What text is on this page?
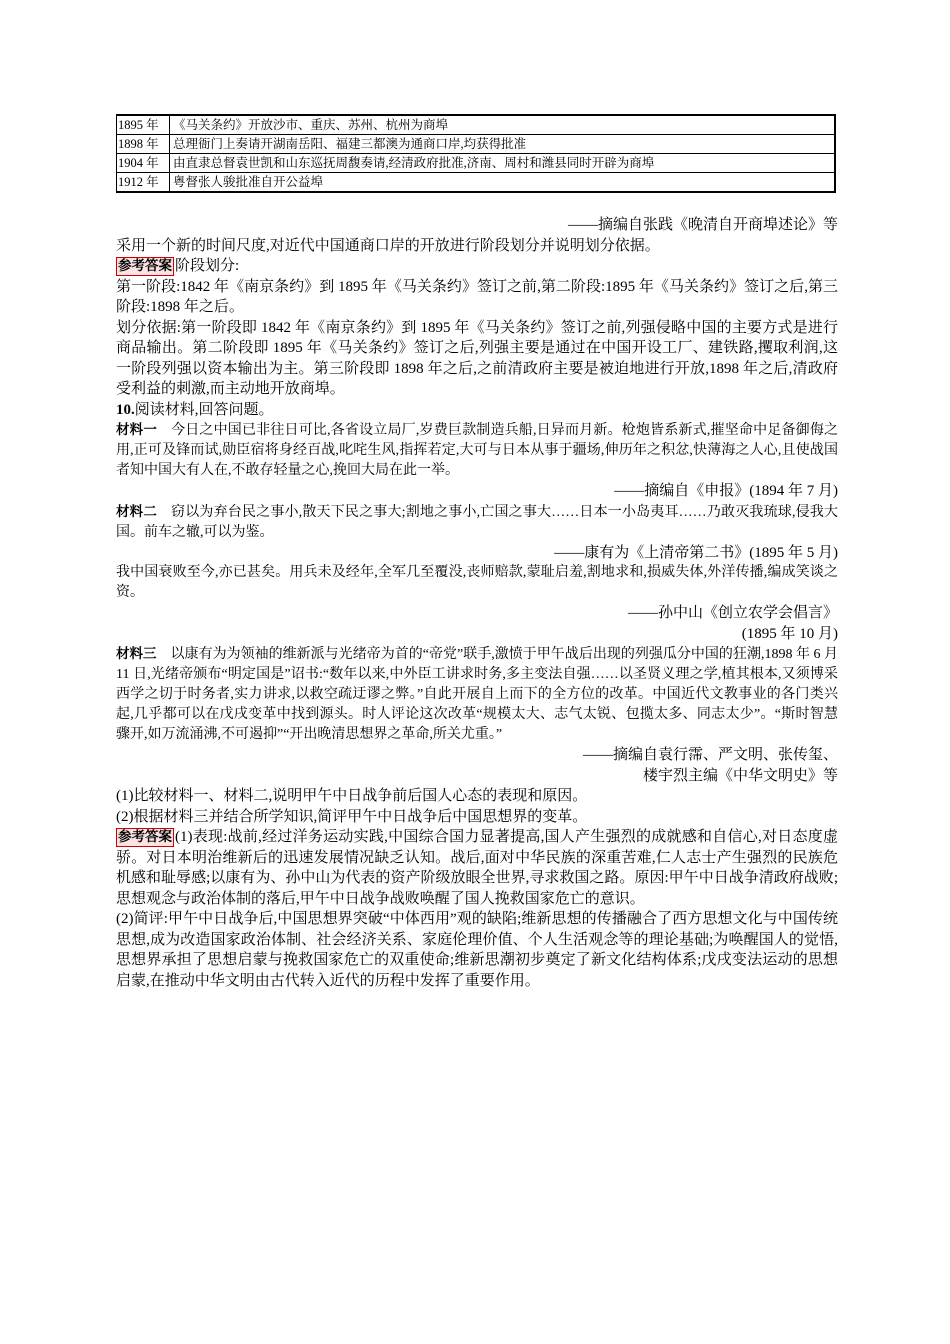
1895 年	《马关条约》开放沙市、重庆、苏州、杭州为商埠
1898 年	总理衙门上奏请开湖南岳阳、福建三都澳为通商口岸,均获得批准
1904 年	由直隶总督袁世凯和山东巡抚周馥奏请,经清政府批准,济南、周村和潍县同时开辟为商埠
1912 年	粤督张人骏批准自开公益埠

——摘编自张践《晚清自开商埠述论》等

采用一个新的时间尺度,对近代中国通商口岸的开放进行阶段划分并说明划分依据。

参考答案 阶段划分:

第一阶段:1842 年《南京条约》到 1895 年《马关条约》签订之前,第二阶段:1895 年《马关条约》签订之后,第三阶段:1898 年之后。

划分依据:第一阶段即 1842 年《南京条约》到 1895 年《马关条约》签订之前,列强侵略中国的主要方式是进行商品输出。第二阶段即 1895 年《马关条约》签订之后,列强主要是通过在中国开设工厂、建铁路,攫取利润,这一阶段列强以资本输出为主。第三阶段即 1898 年之后,之前清政府主要是被迫地进行开放,1898 年之后,清政府受利益的刺激,而主动地开放商埠。

10.阅读材料,回答问题。

材料一 今日之中国已非往日可比,各省设立局厂,岁费巨款制造兵船,日异而月新。枪炮皆系新式,摧坚命中足备御侮之用,正可及锋而试,勋臣宿将身经百战,叱咤生风,指挥若定,大可与日本从事于疆场,伸历年之积忿,快薄海之人心,且使战国者知中国大有人在,不敢存轻量之心,挽回大局在此一举。

——摘编自《申报》(1894 年 7 月)

材料二 窃以为弃台民之事小,散天下民之事大;割地之事小,亡国之事大……日本一小岛夷耳……乃敢灭我琉球,侵我大国。前车之辙,可以为鉴。

——康有为《上清帝第二书》(1895 年 5 月)

我中国衰败至今,亦已甚矣。用兵未及经年,全军几至覆没,丧师赔款,蒙耻启羞,割地求和,损威失体,外洋传播,编成笑谈之资。

——孙中山《创立农学会倡言》

(1895 年 10 月)

材料三 以康有为为领袖的维新派与光绪帝为首的“帝党”联手,激愤于甲午战后出现的列强瓜分中国的狂潮,1898 年 6 月 11 日,光绪帝颁布“明定国是”诏书:“数年以来,中外臣工讲求时务,多主变法自强……以圣贤义理之学,植其根本,又须博采西学之切于时务者,实力讲求,以救空疏迂谬之弊。”自此开展自上而下的全方位的改革。中国近代文教事业的各门类兴起,几乎都可以在戊戌变革中找到源头。时人评论这次改革“规模太大、志气太锐、包揽太多、同志太少”。“斯时智慧骤开,如万流涌沸,不可遏抑”“开出晚清思想界之革命,所关尤重。”

——摘编自袁行霈、严文明、张传玺、

楼宇烈主编《中华文明史》等

(1)比较材料一、材料二,说明甲午中日战争前后国人心态的表现和原因。

(2)根据材料三并结合所学知识,简评甲午中日战争后中国思想界的变革。

参考答案 (1)表现:战前,经过洋务运动实践,中国综合国力显著提高,国人产生强烈的成就感和自信心,对日态度虚骄。对日本明治维新后的迅速发展情况缺乏认知。战后,面对中华民族的深重苦难,仁人志士产生强烈的民族危机感和耻辱感;以康有为、孙中山为代表的资产阶级放眼全世界,寻求救国之路。原因:甲午中日战争清政府战败;思想观念与政治体制的落后,甲午中日战争战败唤醒了国人挽救国家危亡的意识。

(2)简评:甲午中日战争后,中国思想界突破“中体西用”观的缺陷;维新思想的传播融合了西方思想文化与中国传统思想,成为改造国家政治体制、社会经济关系、家庭伦理价值、个人生活观念等的理论基础;为唤醒国人的觉悟,思想界承担了思想启蒙与挽救国家危亡的双重使命;维新思潮初步奠定了新文化结构体系;戊戌变法运动的思想启蒙,在推动中华文明由古代转入近代的历程中发挥了重要作用。
